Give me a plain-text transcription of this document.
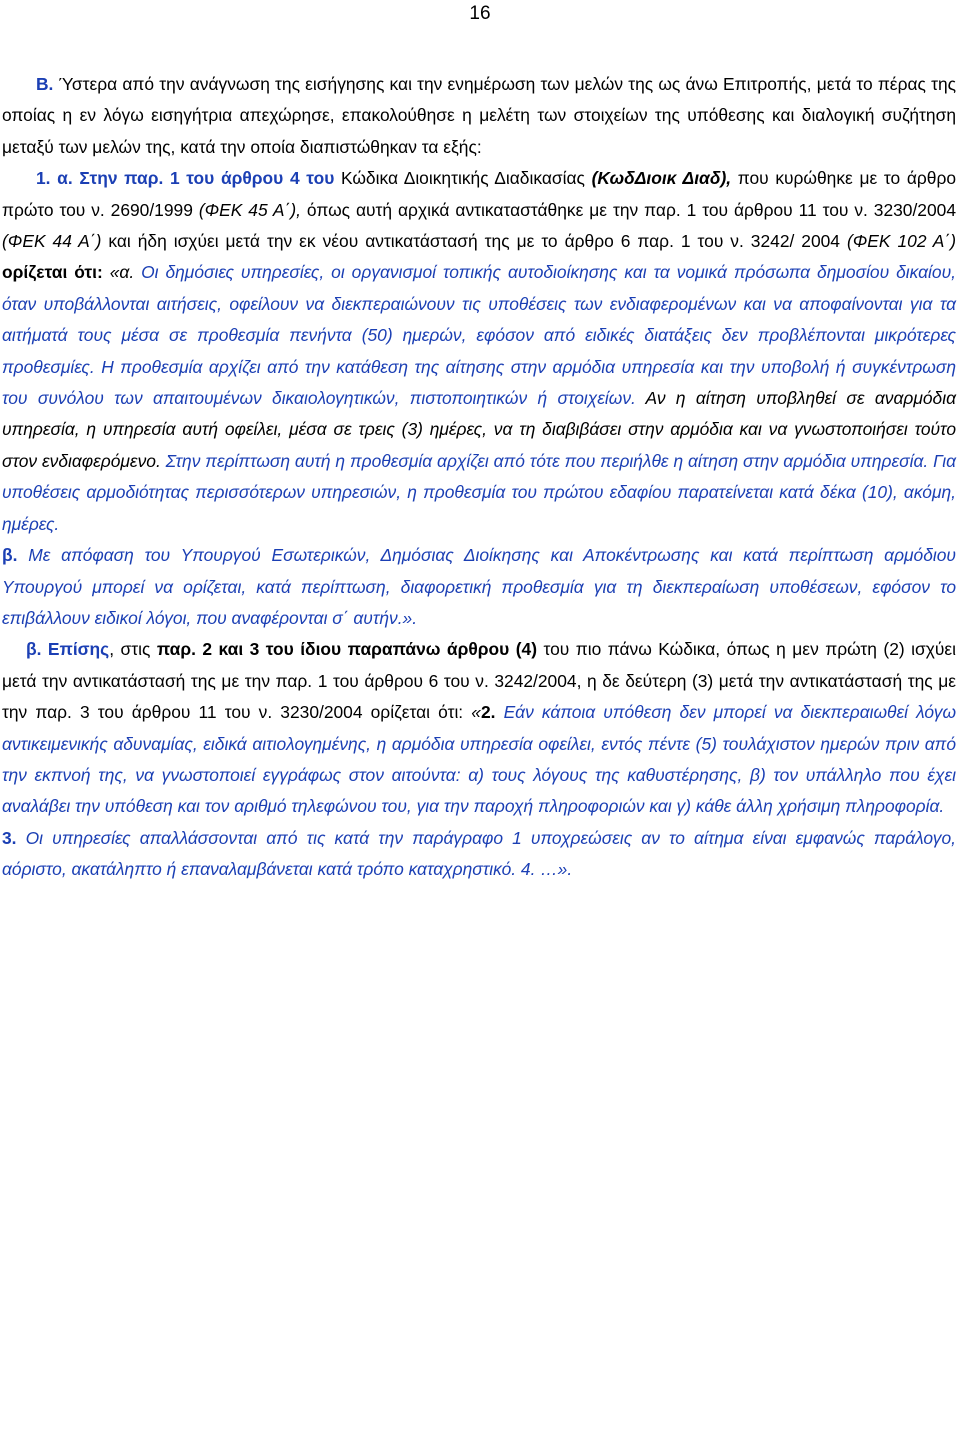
16

B. Ύστερα από την ανάγνωση της εισήγησης και την ενημέρωση των μελών της ως άνω Επιτροπής, μετά το πέρας της οποίας η εν λόγω εισηγήτρια απεχώρησε, επακολούθησε η μελέτη των στοιχείων της υπόθεσης και διαλογική συζήτηση μεταξύ των μελών της, κατά την οποία διαπιστώθηκαν τα εξής:

1. α. Στην παρ. 1 του άρθρου 4 του Κώδικα Διοικητικής Διαδικασίας (ΚωδΔιοικ Διαδ), που κυρώθηκε με το άρθρο πρώτο του ν. 2690/1999 (ΦΕΚ 45 Α΄), όπως αυτή αρχικά αντικαταστάθηκε με την παρ. 1 του άρθρου 11 του ν. 3230/2004 (ΦΕΚ 44 Α΄) και ήδη ισχύει μετά την εκ νέου αντικατάστασή της με το άρθρο 6 παρ. 1 του ν. 3242/ 2004 (ΦΕΚ 102 Α΄) ορίζεται ότι: «α. Οι δημόσιες υπηρεσίες, οι οργανισμοί τοπικής αυτοδιοίκησης και τα νομικά πρόσωπα δημοσίου δικαίου, όταν υποβάλλονται αιτήσεις, οφείλουν να διεκπεραιώνουν τις υποθέσεις των ενδιαφερομένων και να αποφαίνονται για τα αιτήματά τους μέσα σε προθεσμία πενήντα (50) ημερών, εφόσον από ειδικές διατάξεις δεν προβλέπονται μικρότερες προθεσμίες. Η προθεσμία αρχίζει από την κατάθεση της αίτησης στην αρμόδια υπηρεσία και την υποβολή ή συγκέντρωση του συνόλου των απαιτουμένων δικαιολογητικών, πιστοποιητικών ή στοιχείων. Αν η αίτηση υποβληθεί σε αναρμόδια υπηρεσία, η υπηρεσία αυτή οφείλει, μέσα σε τρεις (3) ημέρες, να τη διαβιβάσει στην αρμόδια και να γνωστοποιήσει τούτο στον ενδιαφερόμενο. Στην περίπτωση αυτή η προθεσμία αρχίζει από τότε που περιήλθε η αίτηση στην αρμόδια υπηρεσία. Για υποθέσεις αρμοδιότητας περισσότερων υπηρεσιών, η προθεσμία του πρώτου εδαφίου παρατείνεται κατά δέκα (10), ακόμη, ημέρες.

β. Με απόφαση του Υπουργού Εσωτερικών, Δημόσιας Διοίκησης και Αποκέντρωσης και κατά περίπτωση αρμόδιου Υπουργού μπορεί να ορίζεται, κατά περίπτωση, διαφορετική προθεσμία για τη διεκπεραίωση υποθέσεων, εφόσον το επιβάλλουν ειδικοί λόγοι, που αναφέρονται σ΄ αυτήν.».

β. Επίσης, στις παρ. 2 και 3 του ίδιου παραπάνω άρθρου (4) του πιο πάνω Κώδικα, όπως η μεν πρώτη (2) ισχύει μετά την αντικατάστασή της με την παρ. 1 του άρθρου 6 του ν. 3242/2004, η δε δεύτερη (3) μετά την αντικατάστασή της με την παρ. 3 του άρθρου 11 του ν. 3230/2004 ορίζεται ότι: «2. Εάν κάποια υπόθεση δεν μπορεί να διεκπεραιωθεί λόγω αντικειμενικής αδυναμίας, ειδικά αιτιολογημένης, η αρμόδια υπηρεσία οφείλει, εντός πέντε (5) τουλάχιστον ημερών πριν από την εκπνοή της, να γνωστοποιεί εγγράφως στον αιτούντα: α) τους λόγους της καθυστέρησης, β) τον υπάλληλο που έχει αναλάβει την υπόθεση και τον αριθμό τηλεφώνου του, για την παροχή πληροφοριών και γ) κάθε άλλη χρήσιμη πληροφορία.

3. Οι υπηρεσίες απαλλάσσονται από τις κατά την παράγραφο 1 υποχρεώσεις αν το αίτημα είναι εμφανώς παράλογο, αόριστο, ακατάληπτο ή επαναλαμβάνεται κατά τρόπο καταχρηστικό. 4. …».
